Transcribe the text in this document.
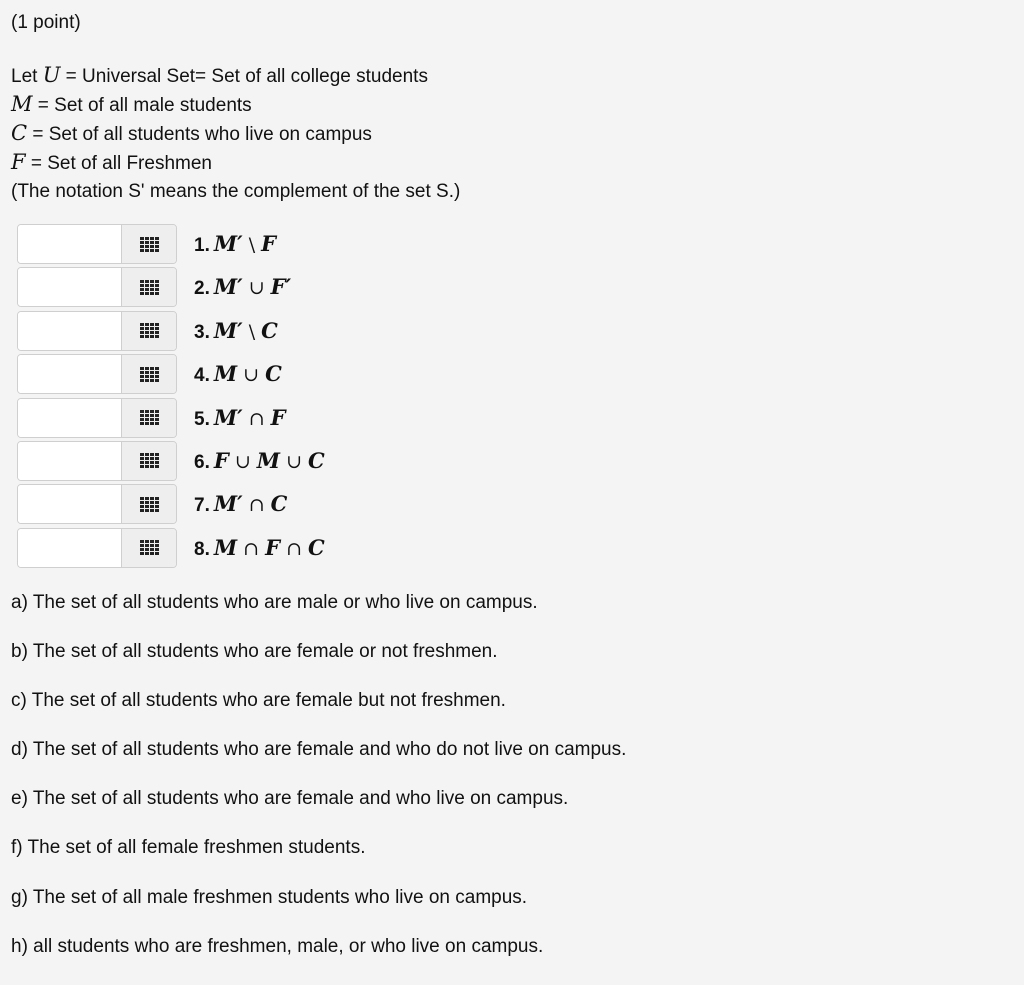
(1 point)
Let U = Universal Set= Set of all college students
M = Set of all male students
C = Set of all students who live on campus
F = Set of all Freshmen
(The notation S' means the complement of the set S.)
1. M′ \ F
2. M′ ∪ F′
3. M′ \ C
4. M ∪ C
5. M′ ∩ F
6. F ∪ M ∪ C
7. M′ ∩ C
8. M ∩ F ∩ C
a) The set of all students who are male or who live on campus.
b) The set of all students who are female or not freshmen.
c) The set of all students who are female but not freshmen.
d) The set of all students who are female and who do not live on campus.
e) The set of all students who are female and who live on campus.
f) The set of all female freshmen students.
g) The set of all male freshmen students who live on campus.
h) all students who are freshmen, male, or who live on campus.
